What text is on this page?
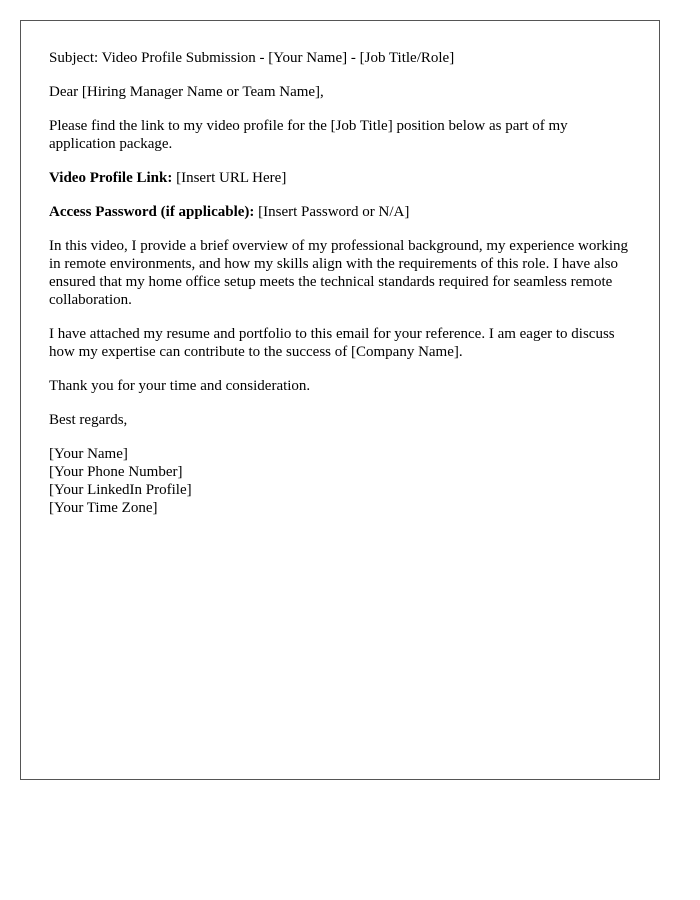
Subject: Video Profile Submission - [Your Name] - [Job Title/Role]

Dear [Hiring Manager Name or Team Name],

Please find the link to my video profile for the [Job Title] position below as part of my application package.

Video Profile Link: [Insert URL Here]

Access Password (if applicable): [Insert Password or N/A]

In this video, I provide a brief overview of my professional background, my experience working in remote environments, and how my skills align with the requirements of this role. I have also ensured that my home office setup meets the technical standards required for seamless remote collaboration.

I have attached my resume and portfolio to this email for your reference. I am eager to discuss how my expertise can contribute to the success of [Company Name].

Thank you for your time and consideration.

Best regards,

[Your Name]
[Your Phone Number]
[Your LinkedIn Profile]
[Your Time Zone]
